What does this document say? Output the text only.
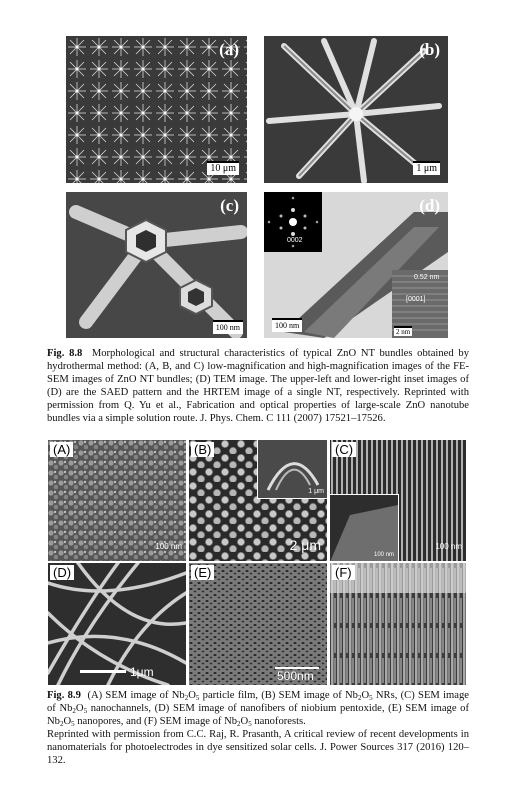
(a)
10 μm
(b)
1 μm
(c)
100 nm
0002
(d)
0.52 nm
[0001]
2 nm
100 nm
Fig. 8.8 Morphological and structural characteristics of typical ZnO NT bundles obtained by hydrothermal method: (A, B, and C) low-magnification and high-magnification images of the FE-SEM images of ZnO NT bundles; (D) TEM image. The upper-left and lower-right inset images of (D) are the SAED pattern and the HRTEM image of a single NT, respectively. Reprinted with permission from Q. Yu et al., Fabrication and optical properties of large-scale ZnO nanotube bundles via a simple solution route. J. Phys. Chem. C 111 (2007) 17521–17526.
(A)
100 nm
1 μm
(B)
2 μm
100 nm
(C)
100 nm
(D)
1μm
(E)
500nm
(F)
Fig. 8.9 (A) SEM image of $Nb_2O_5$ particle film, (B) SEM image of $Nb_2O_5$ NRs, (C) SEM image of $Nb_2O_5$ nanochannels, (D) SEM image of nanofibers of niobium pentoxide, (E) SEM image of $Nb_2O_5$ nanopores, and (F) SEM image of $Nb_2O_5$ nanoforests.
Reprinted with permission from C.C. Raj, R. Prasanth, A critical review of recent developments in nanomaterials for photoelectrodes in dye sensitized solar cells. J. Power Sources 317 (2016) 120–132.
